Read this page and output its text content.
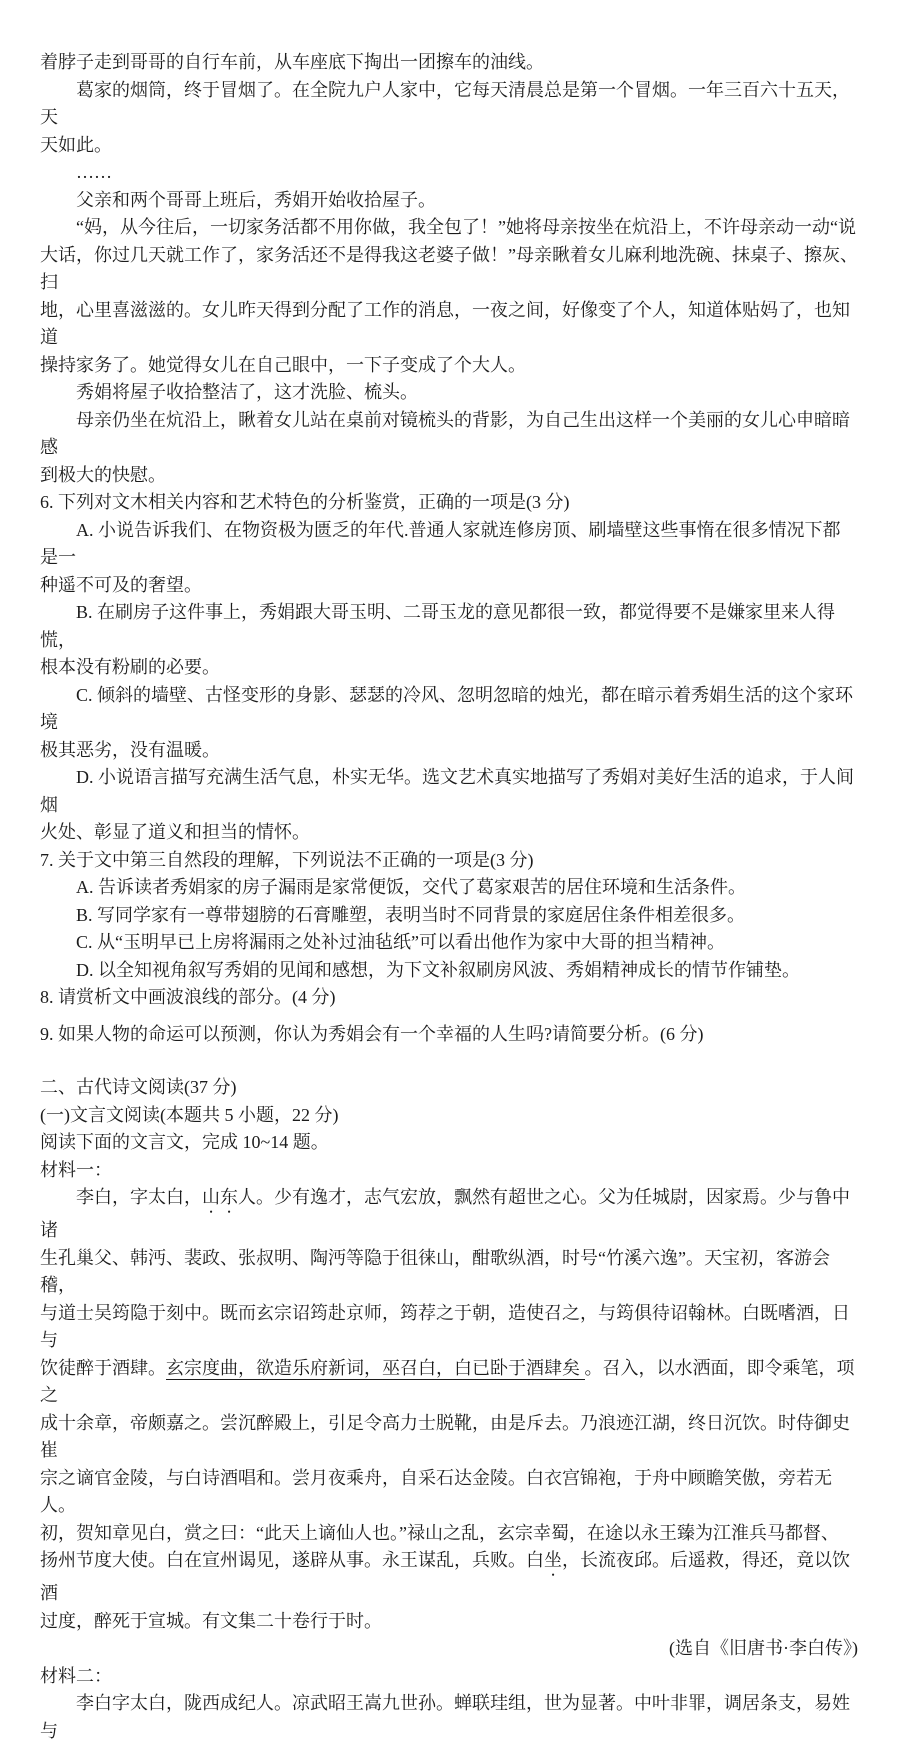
着脖子走到哥哥的自行车前，从车座底下掏出一团擦车的油线。
葛家的烟筒，终于冒烟了。在全院九户人家中，它每天清晨总是第一个冒烟。一年三百六十五天，天
天如此。
……
父亲和两个哥哥上班后，秀娟开始收拾屋子。
“妈，从今往后，一切家务活都不用你做，我全包了！”她将母亲按坐在炕沿上，不许母亲动一动“说
大话，你过几天就工作了，家务活还不是得我这老婆子做！”母亲瞅着女儿麻利地洗碗、抹桌子、擦灰、扫
地，心里喜滋滋的。女儿昨天得到分配了工作的消息，一夜之间，好像变了个人，知道体贴妈了，也知道
操持家务了。她觉得女儿在自己眼中，一下子变成了个大人。
秀娟将屋子收拾整洁了，这才洗脸、梳头。
母亲仍坐在炕沿上，瞅着女儿站在桌前对镜梳头的背影，为自己生出这样一个美丽的女儿心申暗暗感
到极大的快慰。
6. 下列对文木相关内容和艺术特色的分析鉴赏，正确的一项是(3 分)
A. 小说告诉我们、在物资极为匮乏的年代.普通人家就连修房顶、刷墙壁这些事惰在很多情况下都是一
种遥不可及的奢望。
B. 在刷房子这件事上，秀娟跟大哥玉明、二哥玉龙的意见都很一致，都觉得要不是嫌家里来人得慌，
根本没有粉刷的必要。
C. 倾斜的墙壁、古怪变形的身影、瑟瑟的冷风、忽明忽暗的烛光，都在暗示着秀娟生活的这个家环境
极其恶劣，没有温暖。
D. 小说语言描写充满生活气息，朴实无华。选文艺术真实地描写了秀娟对美好生活的追求，于人间烟
火处、彰显了道义和担当的情怀。
7. 关于文中第三自然段的理解，下列说法不正确的一项是(3 分)
A. 告诉读者秀娟家的房子漏雨是家常便饭，交代了葛家艰苦的居住环境和生活条件。
B. 写同学家有一尊带翅膀的石膏雕塑，表明当时不同背景的家庭居住条件相差很多。
C. 从“玉明早已上房将漏雨之处补过油毡纸”可以看出他作为家中大哥的担当精神。
D. 以全知视角叙写秀娟的见闻和感想，为下文补叙刷房风波、秀娟精神成长的情节作铺垫。
8. 请赏析文中画波浪线的部分。(4 分)
9. 如果人物的命运可以预测，你认为秀娟会有一个幸福的人生吗?请简要分析。(6 分)
二、古代诗文阅读(37 分)
(一)文言文阅读(本题共 5 小题，22 分)
阅读下面的文言文，完成 10~14 题。
材料一：
李白，字太白，山东人。少有逸才，志气宏放，飘然有超世之心。父为任城尉，因家焉。少与鲁中诸
生孔巢父、韩沔、裴政、张叔明、陶沔等隐于徂徕山，酣歌纵酒，时号“竹溪六逸”。天宝初，客游会稽，
与道士吴筠隐于刻中。既而玄宗诏筠赴京师，筠荐之于朝，造使召之，与筠俱待诏翰林。白既嗜酒，日与
饮徒醉于酒肆。玄宗度曲，欲造乐府新词，巫召白，白已卧于酒肆矣 。召入，以水洒面，即令乘笔，项之
成十余章，帝颇嘉之。尝沉醉殿上，引足令高力士脱靴，由是斥去。乃浪迹江湖，终日沉饮。时侍御史崔
宗之谪官金陵，与白诗酒唱和。尝月夜乘舟，自采石达金陵。白衣宫锦袍，于舟中顾瞻笑傲，旁若无人。
初，贺知章见白，赏之曰：“此天上谪仙人也。”禄山之乱，玄宗幸蜀，在途以永王臻为江淮兵马都督、
扬州节度大使。白在宣州谒见，遂辟从事。永王谋乱，兵败。白坐，长流夜邱。后遥救，得还，竟以饮酒
过度，醉死于宣城。有文集二十卷行于时。
(选自《旧唐书·李白传》)
材料二：
李白字太白，陇西成纪人。凉武昭王嵩九世孙。蝉联珪组，世为显著。中叶非罪，调居条支，易姓与
